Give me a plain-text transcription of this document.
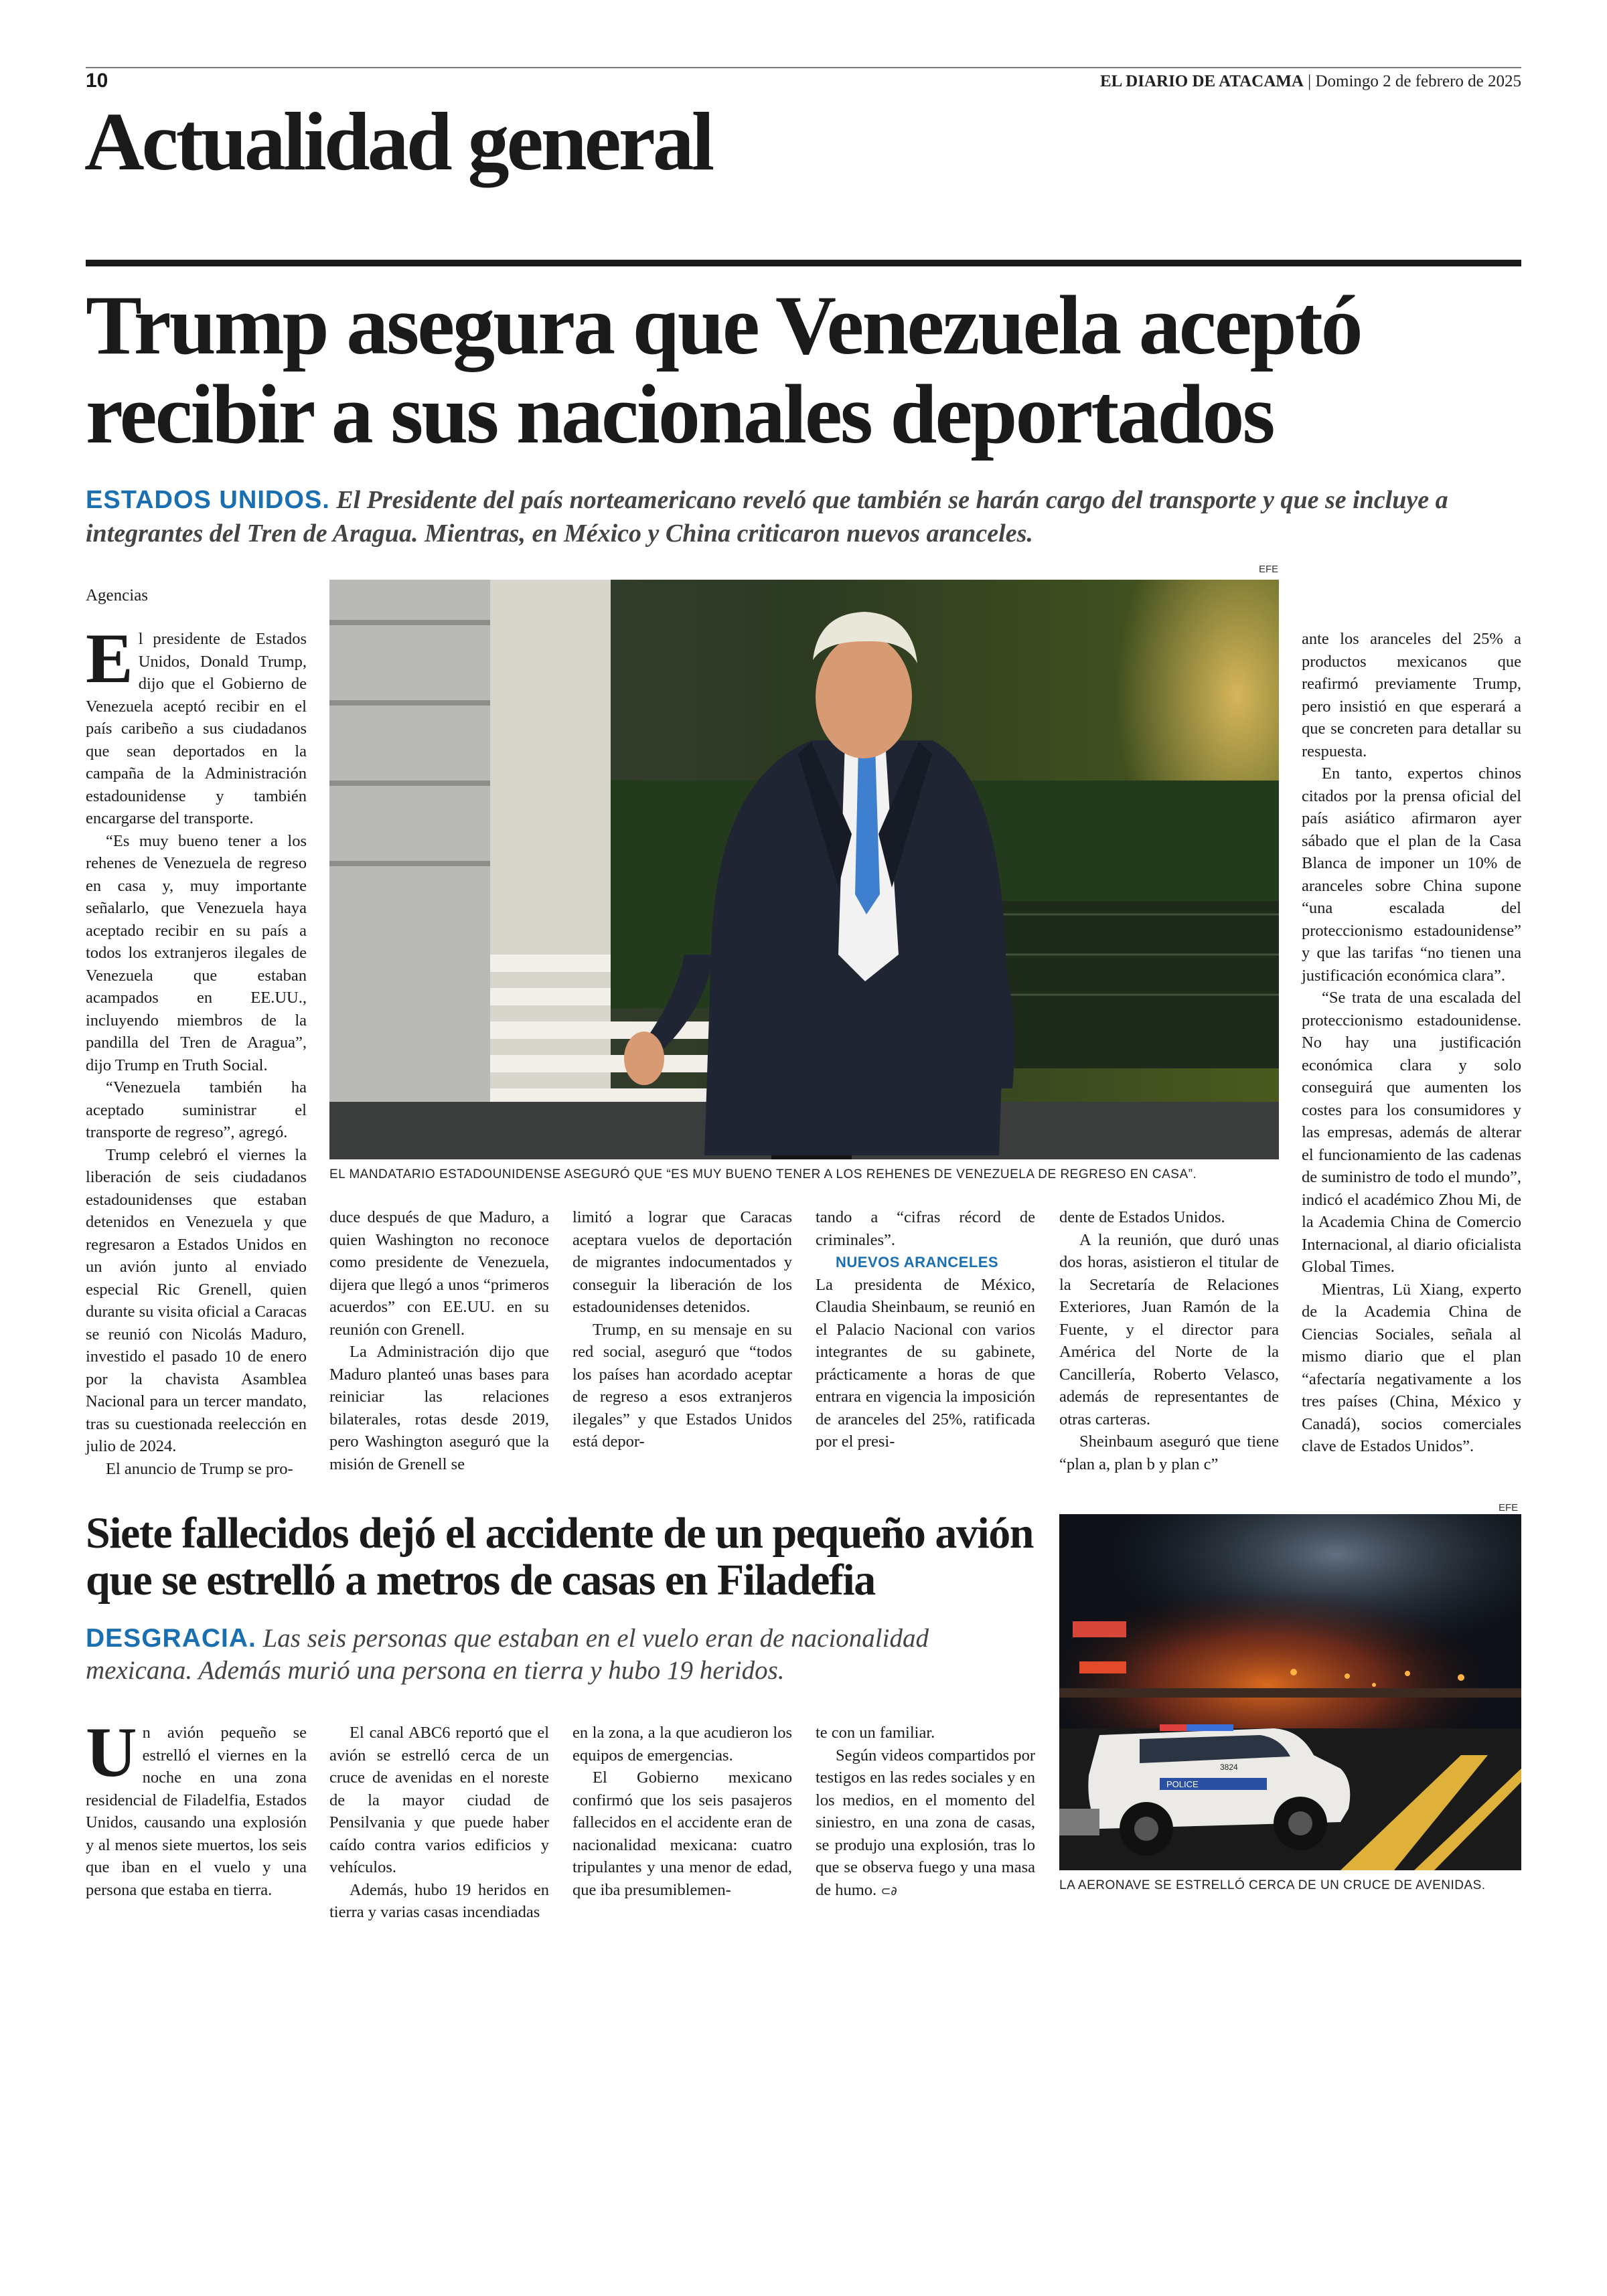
10	EL DIARIO DE ATACAMA | Domingo 2 de febrero de 2025
Actualidad general
Trump asegura que Venezuela aceptó recibir a sus nacionales deportados
ESTADOS UNIDOS. El Presidente del país norteamericano reveló que también se harán cargo del transporte y que se incluye a integrantes del Tren de Aragua. Mientras, en México y China criticaron nuevos aranceles.
Agencias
EFE
EL MANDATARIO ESTADOUNIDENSE ASEGURÓ QUE “ES MUY BUENO TENER A LOS REHENES DE VENEZUELA DE REGRESO EN CASA”.

El presidente de Estados Unidos, Donald Trump, dijo que el Gobierno de Venezuela aceptó recibir en el país caribeño a sus ciudadanos que sean deportados en la campaña de la Administración estadounidense y también encargarse del transporte.

“Es muy bueno tener a los rehenes de Venezuela de regreso en casa y, muy importante señalarlo, que Venezuela haya aceptado recibir en su país a todos los extranjeros ilegales de Venezuela que estaban acampados en EE.UU., incluyendo miembros de la pandilla del Tren de Aragua”, dijo Trump en Truth Social.

“Venezuela también ha aceptado suministrar el transporte de regreso”, agregó.

Trump celebró el viernes la liberación de seis ciudadanos estadounidenses que estaban detenidos en Venezuela y que regresaron a Estados Unidos en un avión junto al enviado especial Ric Grenell, quien durante su visita oficial a Caracas se reunió con Nicolás Maduro, investido el pasado 10 de enero por la chavista Asamblea Nacional para un tercer mandato, tras su cuestionada reelección en julio de 2024.

El anuncio de Trump se pro-

duce después de que Maduro, a quien Washington no reconoce como presidente de Venezuela, dijera que llegó a unos “primeros acuerdos” con EE.UU. en su reunión con Grenell.

La Administración dijo que Maduro planteó unas bases para reiniciar las relaciones bilaterales, rotas desde 2019, pero Washington aseguró que la misión de Grenell se

limitó a lograr que Caracas aceptara vuelos de deportación de migrantes indocumentados y conseguir la liberación de los estadounidenses detenidos.

Trump, en su mensaje en su red social, aseguró que “todos los países han acordado aceptar de regreso a esos extranjeros ilegales” y que Estados Unidos está depor-

tando a “cifras récord de criminales”.

NUEVOS ARANCELES

La presidenta de México, Claudia Sheinbaum, se reunió en el Palacio Nacional con varios integrantes de su gabinete, prácticamente a horas de que entrara en vigencia la imposición de aranceles del 25%, ratificada por el presi-

dente de Estados Unidos.

A la reunión, que duró unas dos horas, asistieron el titular de la Secretaría de Relaciones Exteriores, Juan Ramón de la Fuente, y el director para América del Norte de la Cancillería, Roberto Velasco, además de representantes de otras carteras.

Sheinbaum aseguró que tiene “plan a, plan b y plan c”

ante los aranceles del 25% a productos mexicanos que reafirmó previamente Trump, pero insistió en que esperará a que se concreten para detallar su respuesta.

En tanto, expertos chinos citados por la prensa oficial del país asiático afirmaron ayer sábado que el plan de la Casa Blanca de imponer un 10% de aranceles sobre China supone “una escalada del proteccionismo estadounidense” y que las tarifas “no tienen una justificación económica clara”.

“Se trata de una escalada del proteccionismo estadounidense. No hay una justificación económica clara y solo conseguirá que aumenten los costes para los consumidores y las empresas, además de alterar el funcionamiento de las cadenas de suministro de todo el mundo”, indicó el académico Zhou Mi, de la Academia China de Comercio Internacional, al diario oficialista Global Times.

Mientras, Lü Xiang, experto de la Academia China de Ciencias Sociales, señala al mismo diario que el plan “afectaría negativamente a los tres países (China, México y Canadá), socios comerciales clave de Estados Unidos”.

Siete fallecidos dejó el accidente de un pequeño avión que se estrelló a metros de casas en Filadefia
DESGRACIA. Las seis personas que estaban en el vuelo eran de nacionalidad mexicana. Además murió una persona en tierra y hubo 19 heridos.

Un avión pequeño se estrelló el viernes en la noche en una zona residencial de Filadelfia, Estados Unidos, causando una explosión y al menos siete muertos, los seis que iban en el vuelo y una persona que estaba en tierra.

El canal ABC6 reportó que el avión se estrelló cerca de un cruce de avenidas en el noreste de la mayor ciudad de Pensilvania y que puede haber caído contra varios edificios y vehículos.

Además, hubo 19 heridos en tierra y varias casas incendiadas

en la zona, a la que acudieron los equipos de emergencias.

El Gobierno mexicano confirmó que los seis pasajeros fallecidos en el accidente eran de nacionalidad mexicana: cuatro tripulantes y una menor de edad, que iba presumiblemen-

te con un familiar.

Según videos compartidos por testigos en las redes sociales y en los medios, en el momento del siniestro, en una zona de casas, se produjo una explosión, tras lo que se observa fuego y una masa de humo. ⊂∂

EFE
POLICE
3824
LA AERONAVE SE ESTRELLÓ CERCA DE UN CRUCE DE AVENIDAS.
